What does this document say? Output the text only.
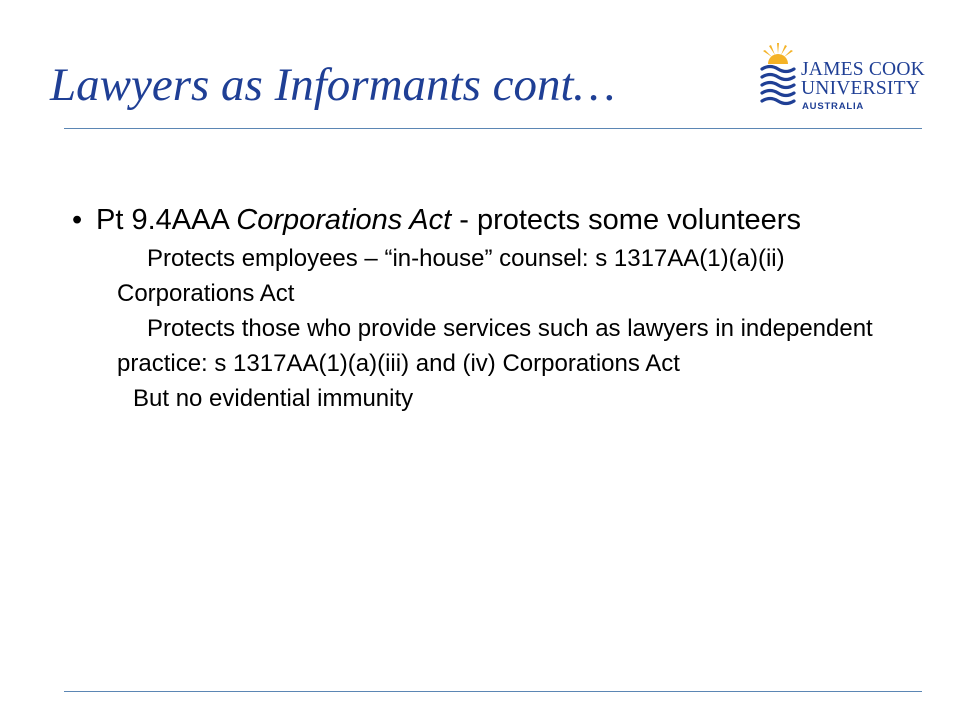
Lawyers as Informants cont…	JAMES COOK
UNIVERSITY
AUSTRALIA
• Pt 9.4AAA Corporations Act - protects some volunteers
Protects employees – “in-house” counsel: s 1317AA(1)(a)(ii) Corporations Act
Protects those who provide services such as lawyers in independent practice: s 1317AA(1)(a)(iii) and (iv) Corporations Act
But no evidential immunity
